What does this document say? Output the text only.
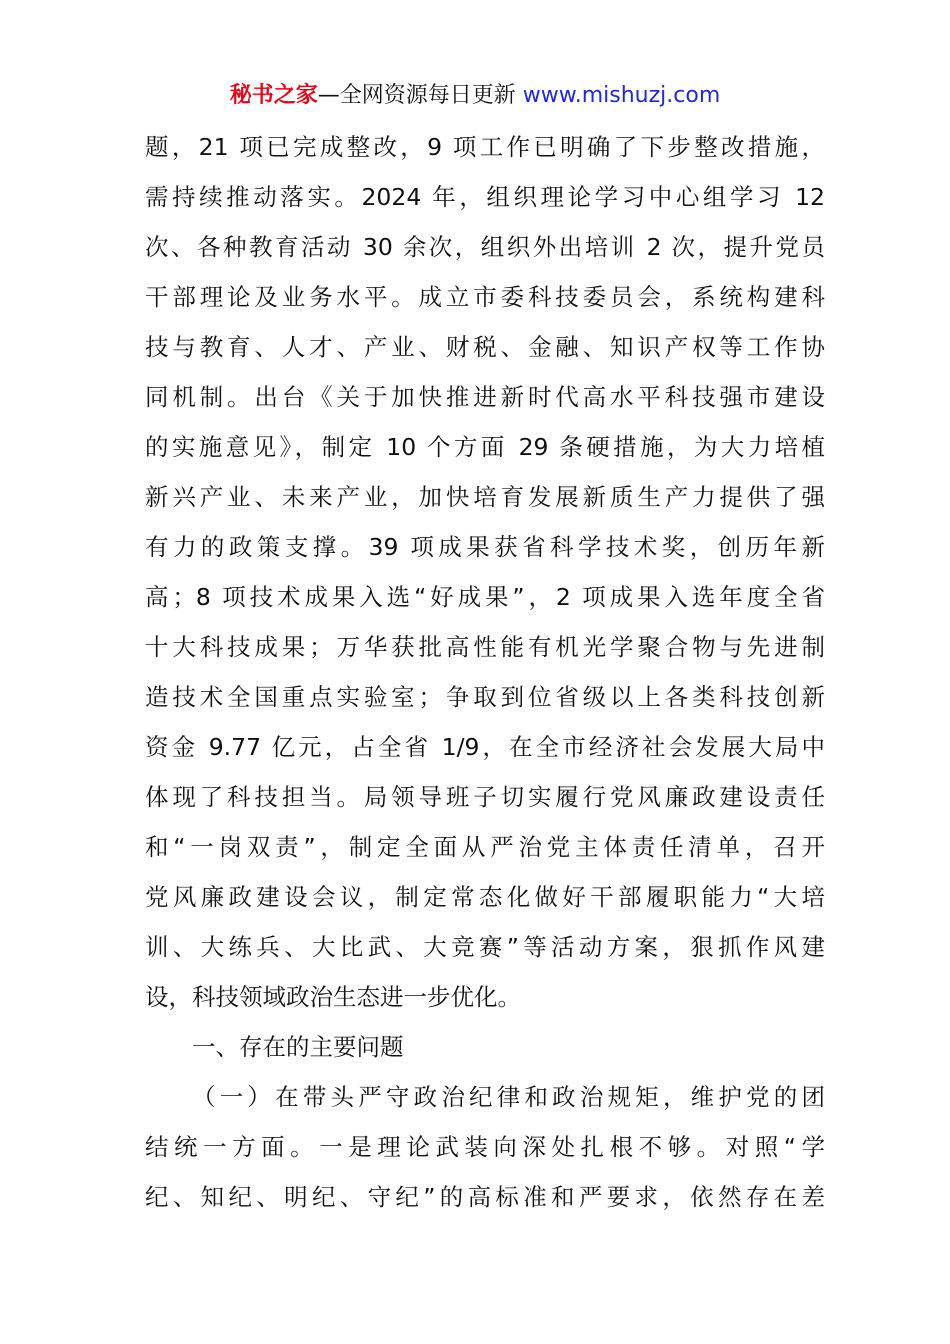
秘书之家—全网资源每日更新 www.mishuzj.com
题，21 项已完成整改，9 项工作已明确了下步整改措施，
需持续推动落实。2024 年，组织理论学习中心组学习 12
次、各种教育活动 30 余次，组织外出培训 2 次，提升党员
干部理论及业务水平。成立市委科技委员会，系统构建科
技与教育、人才、产业、财税、金融、知识产权等工作协
同机制。出台《关于加快推进新时代高水平科技强市建设
的实施意见》，制定 10 个方面 29 条硬措施，为大力培植
新兴产业、未来产业，加快培育发展新质生产力提供了强
有力的政策支撑。39 项成果获省科学技术奖，创历年新
高；8 项技术成果入选“好成果”，2 项成果入选年度全省
十大科技成果；万华获批高性能有机光学聚合物与先进制
造技术全国重点实验室；争取到位省级以上各类科技创新
资金 9.77 亿元，占全省 1/9，在全市经济社会发展大局中
体现了科技担当。局领导班子切实履行党风廉政建设责任
和“一岗双责”，制定全面从严治党主体责任清单，召开
党风廉政建设会议，制定常态化做好干部履职能力“大培
训、大练兵、大比武、大竞赛”等活动方案，狠抓作风建
设，科技领域政治生态进一步优化。
一、存在的主要问题
（一）在带头严守政治纪律和政治规矩，维护党的团
结统一方面。一是理论武装向深处扎根不够。对照“学
纪、知纪、明纪、守纪”的高标准和严要求，依然存在差
